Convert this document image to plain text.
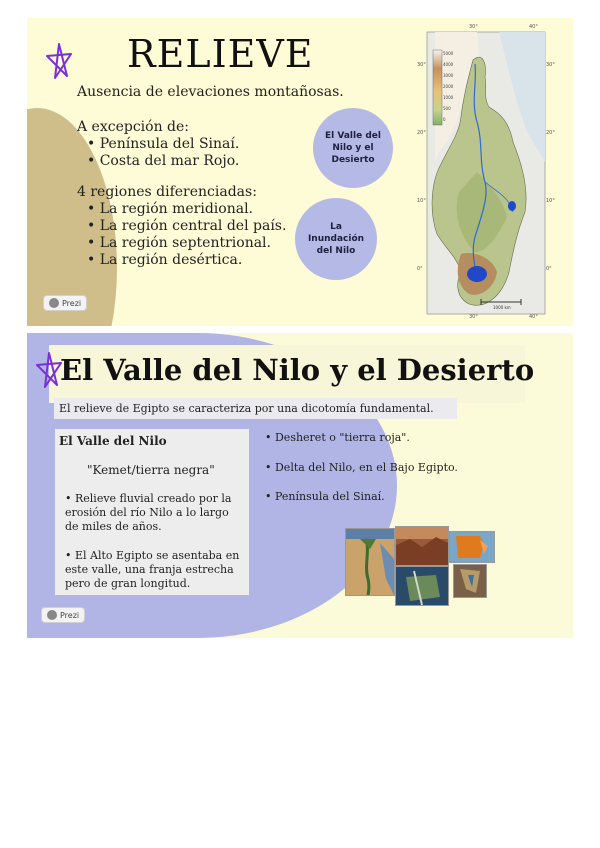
RELIEVE
Ausencia de elevaciones montañosas.
A excepción de:
• Península del Sinaí.
• Costa del mar Rojo.
4 regiones diferenciadas:
• La región meridional.
• La región central del país.
• La región septentrional.
• La región desértica.
El Valle del Nilo y el Desierto
La Inundación del Nilo
Prezi
5000
4000
3000
2000
1000
500
0
30°	40°
30°	40°
30°
20°
10°
0°
30°
20°
10°
0°
1000 km
El Valle del Nilo y el Desierto
El relieve de Egipto se caracteriza por una dicotomía fundamental.
El Valle del Nilo
"Kemet/tierra negra"
• Relieve fluvial creado por la erosión del río Nilo a lo largo de miles de años.
• El Alto Egipto se asentaba en este valle, una franja estrecha pero de gran longitud.
• Desheret o "tierra roja".
• Delta del Nilo, en el Bajo Egipto.
• Península del Sinaí.
Prezi
